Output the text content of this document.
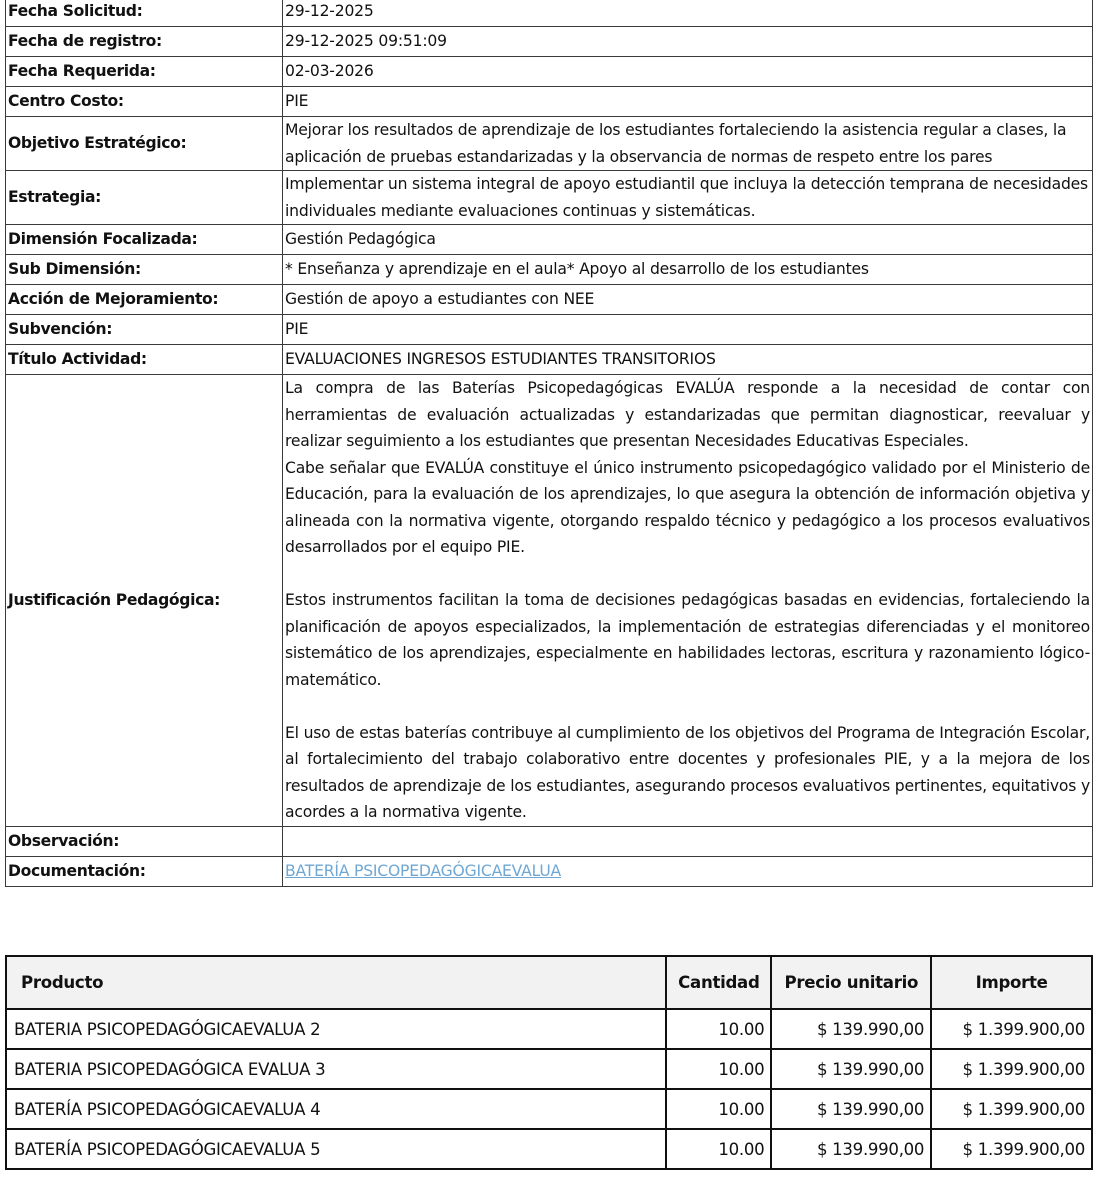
Fecha Solicitud:	29-12-2025
Fecha de registro:	29-12-2025 09:51:09
Fecha Requerida:	02-03-2026
Centro Costo:	PIE
Objetivo Estratégico:	Mejorar los resultados de aprendizaje de los estudiantes fortaleciendo la asistencia regular a clases, la aplicación de pruebas estandarizadas y la observancia de normas de respeto entre los pares
Estrategia:	Implementar un sistema integral de apoyo estudiantil que incluya la detección temprana de necesidades individuales mediante evaluaciones continuas y sistemáticas.
Dimensión Focalizada:	Gestión Pedagógica
Sub Dimensión:	* Enseñanza y aprendizaje en el aula* Apoyo al desarrollo de los estudiantes
Acción de Mejoramiento:	Gestión de apoyo a estudiantes con NEE
Subvención:	PIE
Título Actividad:	EVALUACIONES INGRESOS ESTUDIANTES TRANSITORIOS
Justificación Pedagógica:	La compra de las Baterías Psicopedagógicas EVALÚA responde a la necesidad de contar con herramientas de evaluación actualizadas y estandarizadas que permitan diagnosticar, reevaluar y realizar seguimiento a los estudiantes que presentan Necesidades Educativas Especiales.

Cabe señalar que EVALÚA constituye el único instrumento psicopedagógico validado por el Ministerio de Educación, para la evaluación de los aprendizajes, lo que asegura la obtención de información objetiva y alineada con la normativa vigente, otorgando respaldo técnico y pedagógico a los procesos evaluativos desarrollados por el equipo PIE.

Estos instrumentos facilitan la toma de decisiones pedagógicas basadas en evidencias, fortaleciendo la planificación de apoyos especializados, la implementación de estrategias diferenciadas y el monitoreo sistemático de los aprendizajes, especialmente en habilidades lectoras, escritura y razonamiento lógico-matemático.

El uso de estas baterías contribuye al cumplimiento de los objetivos del Programa de Integración Escolar, al fortalecimiento del trabajo colaborativo entre docentes y profesionales PIE, y a la mejora de los resultados de aprendizaje de los estudiantes, asegurando procesos evaluativos pertinentes, equitativos y acordes a la normativa vigente.

Observación:	
Documentación:	BATERÍA PSICOPEDAGÓGICAEVALUA
Producto	Cantidad	Precio unitario	Importe
BATERIA PSICOPEDAGÓGICAEVALUA 2	10.00	$ 139.990,00	$ 1.399.900,00
BATERIA PSICOPEDAGÓGICA EVALUA 3	10.00	$ 139.990,00	$ 1.399.900,00
BATERÍA PSICOPEDAGÓGICAEVALUA 4	10.00	$ 139.990,00	$ 1.399.900,00
BATERÍA PSICOPEDAGÓGICAEVALUA 5	10.00	$ 139.990,00	$ 1.399.900,00
